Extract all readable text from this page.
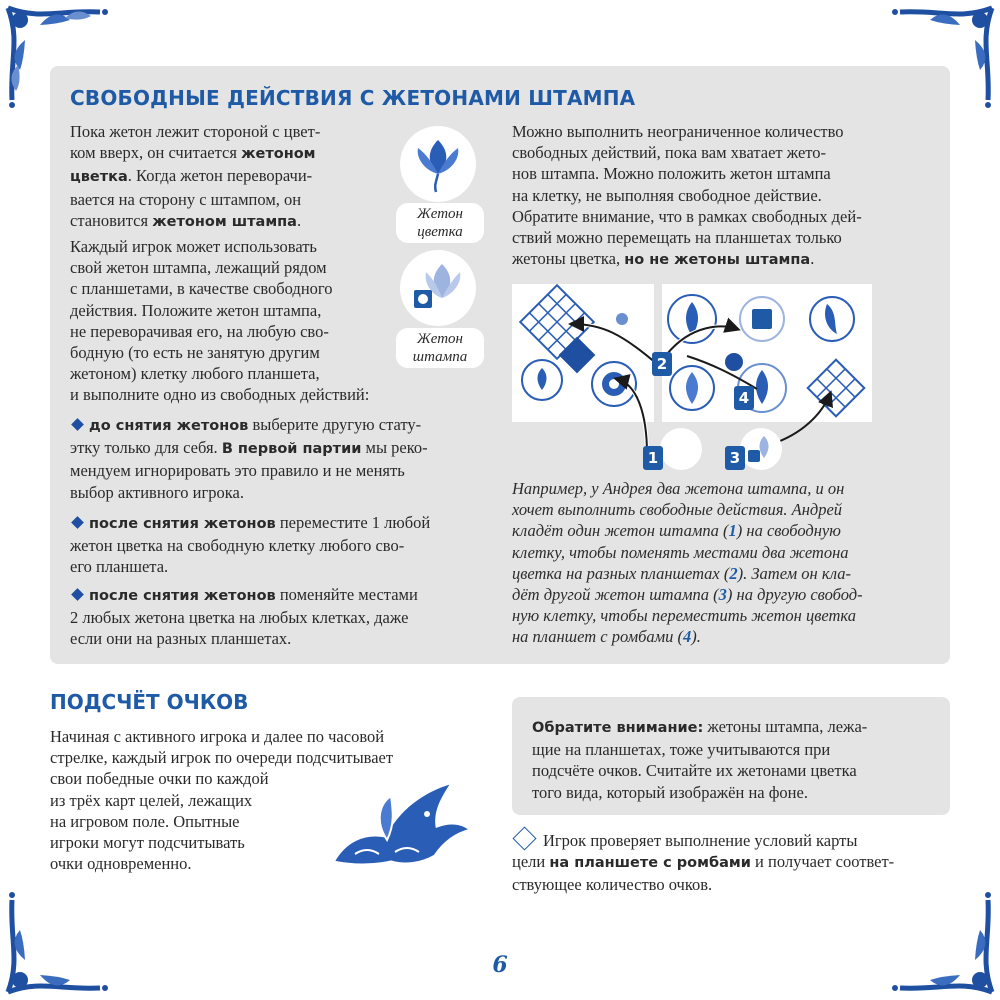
СВОБОДНЫЕ ДЕЙСТВИЯ С ЖЕТОНАМИ ШТАМПА

Пока жетон лежит стороной с цвет-
ком вверх, он считается жетоном
цветка. Когда жетон переворачи-
вается на сторону с штампом, он
становится жетоном штампа.

Каждый игрок может использовать
свой жетон штампа, лежащий рядом
с планшетами, в качестве свободного
действия. Положите жетон штампа,
не переворачивая его, на любую сво-
бодную (то есть не занятую другим
жетоном) клетку любого планшета,
и выполните одно из свободных действий:

до снятия жетонов выберите другую стату-
этку только для себя. В первой партии мы реко-
мендуем игнорировать это правило и не менять
выбор активного игрока.

после снятия жетонов переместите 1 любой
жетон цветка на свободную клетку любого сво-
его планшета.

после снятия жетонов поменяйте местами
2 любых жетона цветка на любых клетках, даже
если они на разных планшетах.

Жетон
цветка
Жетон
штампа

Можно выполнить неограниченное количество
свободных действий, пока вам хватает жето-
нов штампа. Можно положить жетон штампа
на клетку, не выполняя свободное действие.
Обратите внимание, что в рамках свободных дей-
ствий можно перемещать на планшетах только
жетоны цветка, но не жетоны штампа.

1
2
3
4

Например, у Андрея два жетона штампа, и он
хочет выполнить свободные действия. Андрей
кладёт один жетон штампа (1) на свободную
клетку, чтобы поменять местами два жетона
цветка на разных планшетах (2). Затем он кла-
дёт другой жетон штампа (3) на другую свобод-
ную клетку, чтобы переместить жетон цветка
на планшет с ромбами (4).

ПОДСЧЁТ ОЧКОВ

Начиная с активного игрока и далее по часовой
стрелке, каждый игрок по очереди подсчитывает
свои победные очки по каждой
из трёх карт целей, лежащих
на игровом поле. Опытные
игроки могут подсчитывать
очки одновременно.

Обратите внимание: жетоны штампа, лежа-
щие на планшетах, тоже учитываются при
подсчёте очков. Считайте их жетонами цветка
того вида, который изображён на фоне.

Игрок проверяет выполнение условий карты
цели на планшете с ромбами и получает соответ-
ствующее количество очков.

6
